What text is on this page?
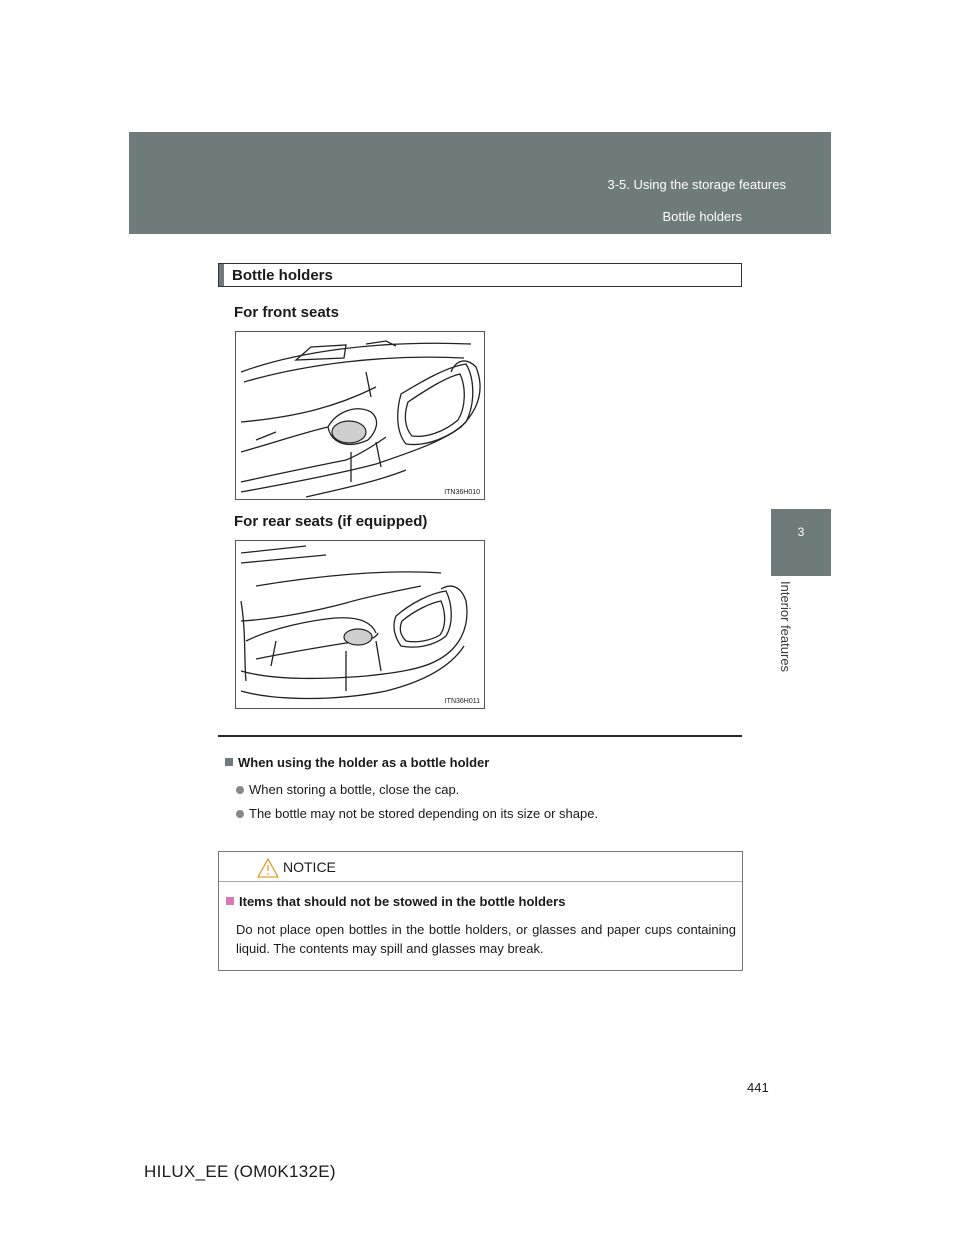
3-5. Using the storage features
Bottle holders
3
Interior features
Bottle holders
For front seats
ITN36H010
For rear seats (if equipped)
ITN36H011
When using the holder as a bottle holder
When storing a bottle, close the cap.
The bottle may not be stored depending on its size or shape.
NOTICE
Items that should not be stowed in the bottle holders
Do not place open bottles in the bottle holders, or glasses and paper cups containing liquid. The contents may spill and glasses may break.
441
HILUX_EE (OM0K132E)
